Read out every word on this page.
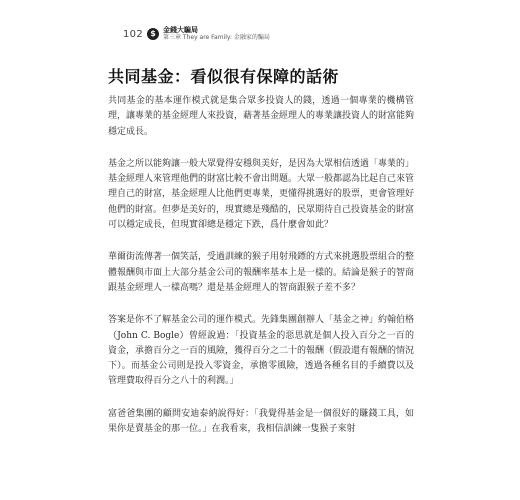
102 $	金錢大騙局
第三章 They are Family: 金融家的騙局
共同基金：看似很有保障的話術

共同基金的基本運作模式就是集合眾多投資人的錢，透過一個專業的機構管理，讓專業的基金經理人來投資，藉著基金經理人的專業讓投資人的財富能夠穩定成長。

基金之所以能夠讓一般大眾覺得安穩與美好，是因為大眾相信透過「專業的」基金經理人來管理他們的財富比較不會出問題。大眾一般都認為比起自己來管理自己的財富，基金經理人比他們更專業，更懂得挑選好的股票，更會管理好他們的財富。但夢是美好的，現實總是殘酷的，民眾期待自己投資基金的財富可以穩定成長，但現實卻總是穩定下跌，爲什麼會如此？

華爾街流傳著一個笑話，受過訓練的猴子用射飛鏢的方式來挑選股票組合的整體報酬與市面上大部分基金公司的報酬率基本上是一樣的。結論是猴子的智商跟基金經理人一樣高嗎？還是基金經理人的智商跟猴子差不多？

答案是你不了解基金公司的運作模式。先鋒集團創辦人「基金之神」約翰伯格（John C. Bogle）曾經說過：「投資基金的惡思就是個人投入百分之一百的資金，承擔百分之一百的風險，獲得百分之二十的報酬（假設還有報酬的情況下）。而基金公司則是投入零資金，承擔零風險，透過各種名目的手續費以及管理費取得百分之八十的利潤。」

富爸爸集團的顧問安迪泰納說得好：「我覺得基金是一個很好的賺錢工具，如果你是賣基金的那一位。」在我看來，我相信訓練一隻猴子來射
